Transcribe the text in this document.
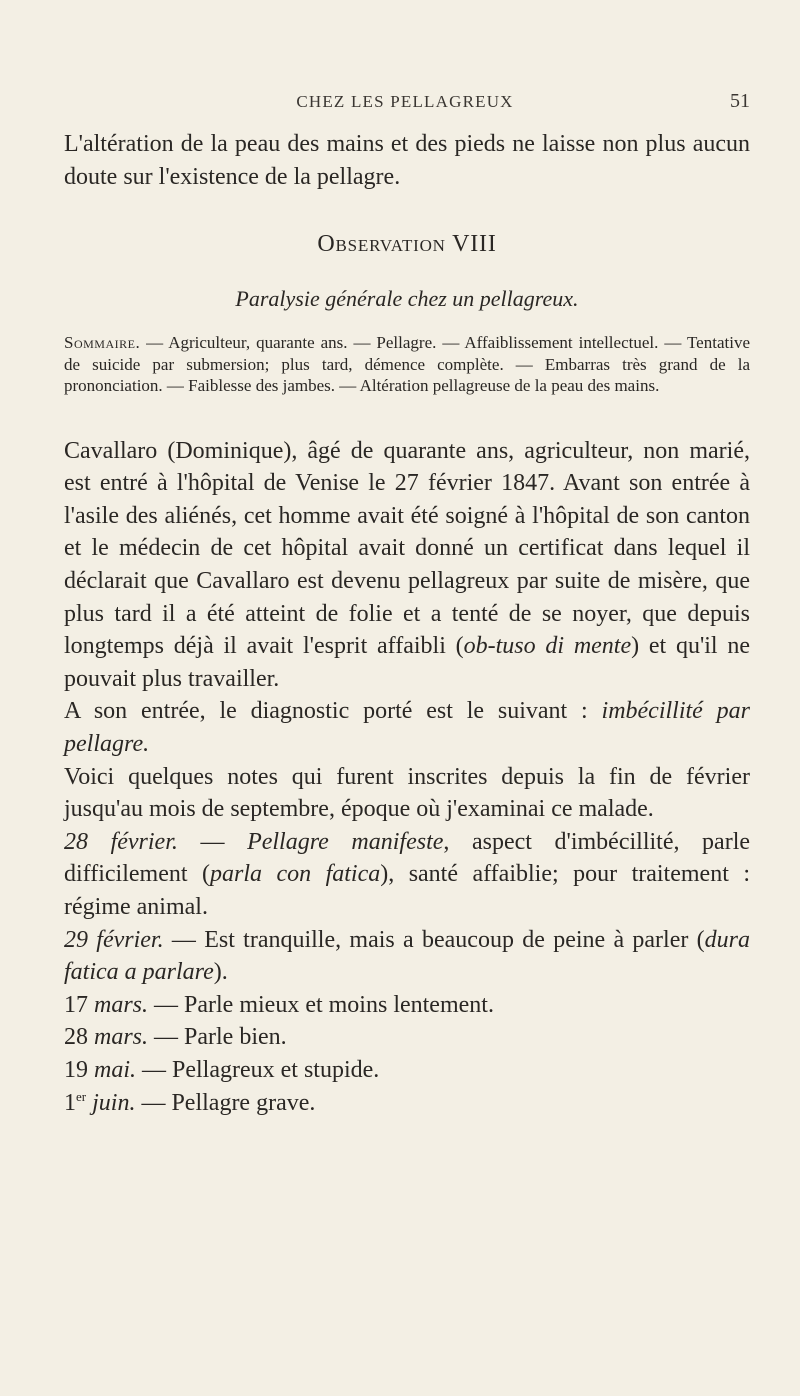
CHEZ LES PELLAGREUX	51

L'altération de la peau des mains et des pieds ne laisse non plus aucun doute sur l'existence de la pellagre.

Observation VIII

Paralysie générale chez un pellagreux.

Sommaire. — Agriculteur, quarante ans. — Pellagre. — Affaiblissement intellectuel. — Tentative de suicide par submersion; plus tard, démence complète. — Embarras très grand de la prononciation. — Faiblesse des jambes. — Altération pellagreuse de la peau des mains.

Cavallaro (Dominique), âgé de quarante ans, agriculteur, non marié, est entré à l'hôpital de Venise le 27 février 1847. Avant son entrée à l'asile des aliénés, cet homme avait été soigné à l'hôpital de son canton et le médecin de cet hôpital avait donné un certificat dans lequel il déclarait que Cavallaro est devenu pellagreux par suite de misère, que plus tard il a été atteint de folie et a tenté de se noyer, que depuis longtemps déjà il avait l'esprit affaibli (ob-tuso di mente) et qu'il ne pouvait plus travailler.

A son entrée, le diagnostic porté est le suivant : imbécillité par pellagre.

Voici quelques notes qui furent inscrites depuis la fin de février jusqu'au mois de septembre, époque où j'examinai ce malade.

28 février. — Pellagre manifeste, aspect d'imbécillité, parle difficilement (parla con fatica), santé affaiblie; pour traitement : régime animal.

29 février. — Est tranquille, mais a beaucoup de peine à parler (dura fatica a parlare).

17 mars. — Parle mieux et moins lentement.

28 mars. — Parle bien.

19 mai. — Pellagreux et stupide.

1er juin. — Pellagre grave.
